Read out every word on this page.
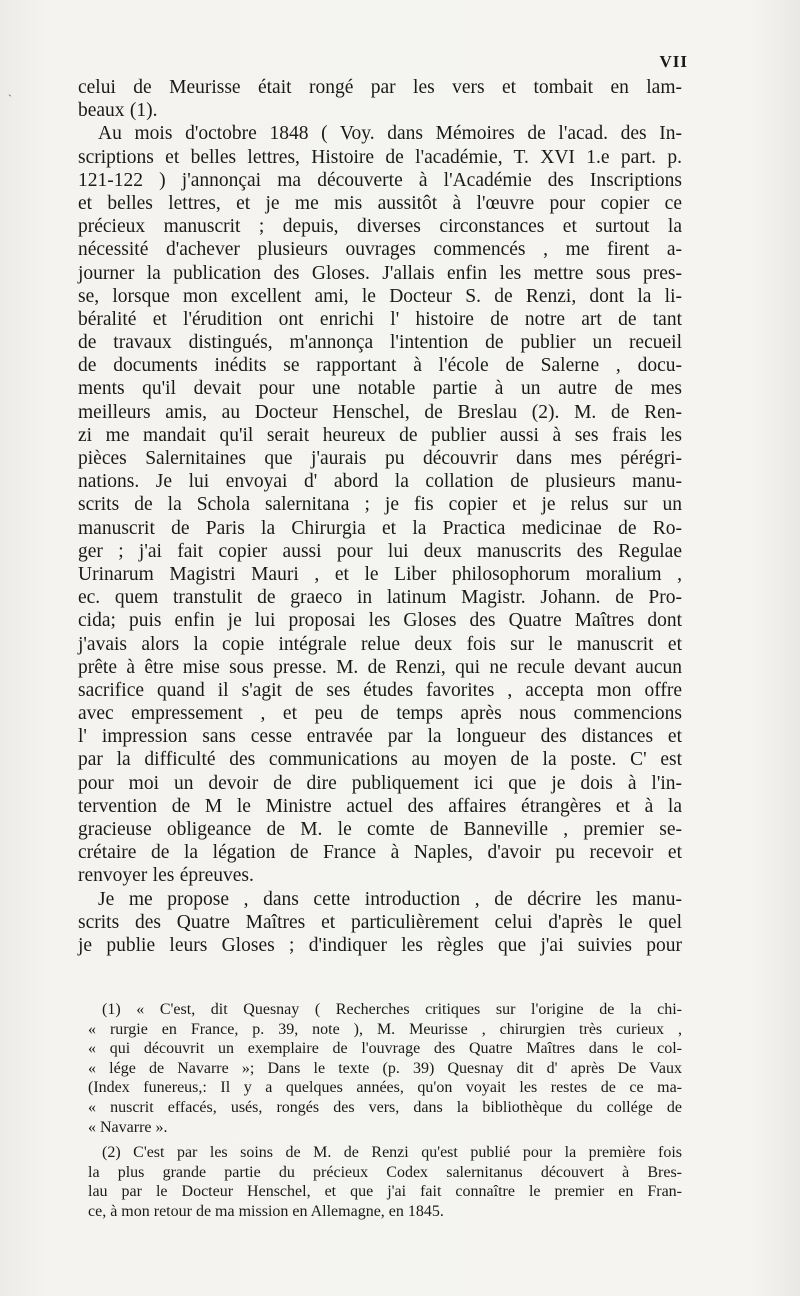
`
VII
celui de Meurisse était rongé par les vers et tombait en lam-
beaux (1).
Au mois d'octobre 1848 ( Voy. dans Mémoires de l'acad. des In-
scriptions et belles lettres, Histoire de l'académie, T. XVI 1.e part. p.
121-122 ) j'annonçai ma découverte à l'Académie des Inscriptions
et belles lettres, et je me mis aussitôt à l'œuvre pour copier ce
précieux manuscrit ; depuis, diverses circonstances et surtout la
nécessité d'achever plusieurs ouvrages commencés , me firent a-
journer la publication des Gloses. J'allais enfin les mettre sous pres-
se, lorsque mon excellent ami, le Docteur S. de Renzi, dont la li-
béralité et l'érudition ont enrichi l' histoire de notre art de tant
de travaux distingués, m'annonça l'intention de publier un recueil
de documents inédits se rapportant à l'école de Salerne , docu-
ments qu'il devait pour une notable partie à un autre de mes
meilleurs amis, au Docteur Henschel, de Breslau (2). M. de Ren-
zi me mandait qu'il serait heureux de publier aussi à ses frais les
pièces Salernitaines que j'aurais pu découvrir dans mes pérégri-
nations. Je lui envoyai d' abord la collation de plusieurs manu-
scrits de la Schola salernitana ; je fis copier et je relus sur un
manuscrit de Paris la Chirurgia et la Practica medicinae de Ro-
ger ; j'ai fait copier aussi pour lui deux manuscrits des Regulae
Urinarum Magistri Mauri , et le Liber philosophorum moralium ,
ec. quem transtulit de graeco in latinum Magistr. Johann. de Pro-
cida; puis enfin je lui proposai les Gloses des Quatre Maîtres dont
j'avais alors la copie intégrale relue deux fois sur le manuscrit et
prête à être mise sous presse. M. de Renzi, qui ne recule devant aucun
sacrifice quand il s'agit de ses études favorites , accepta mon offre
avec empressement , et peu de temps après nous commencions
l' impression sans cesse entravée par la longueur des distances et
par la difficulté des communications au moyen de la poste. C' est
pour moi un devoir de dire publiquement ici que je dois à l'in-
tervention de M le Ministre actuel des affaires étrangères et à la
gracieuse obligeance de M. le comte de Banneville , premier se-
crétaire de la légation de France à Naples, d'avoir pu recevoir et
renvoyer les épreuves.
Je me propose , dans cette introduction , de décrire les manu-
scrits des Quatre Maîtres et particulièrement celui d'après le quel
je publie leurs Gloses ; d'indiquer les règles que j'ai suivies pour
(1) « C'est, dit Quesnay ( Recherches critiques sur l'origine de la chi-
« rurgie en France, p. 39, note ), M. Meurisse , chirurgien très curieux ,
« qui découvrit un exemplaire de l'ouvrage des Quatre Maîtres dans le col-
« lége de Navarre »; Dans le texte (p. 39) Quesnay dit d' après De Vaux
(Index funereus,: Il y a quelques années, qu'on voyait les restes de ce ma-
« nuscrit effacés, usés, rongés des vers, dans la bibliothèque du collége de
« Navarre ».
(2) C'est par les soins de M. de Renzi qu'est publié pour la première fois
la plus grande partie du précieux Codex salernitanus découvert à Bres-
lau par le Docteur Henschel, et que j'ai fait connaître le premier en Fran-
ce, à mon retour de ma mission en Allemagne, en 1845.
